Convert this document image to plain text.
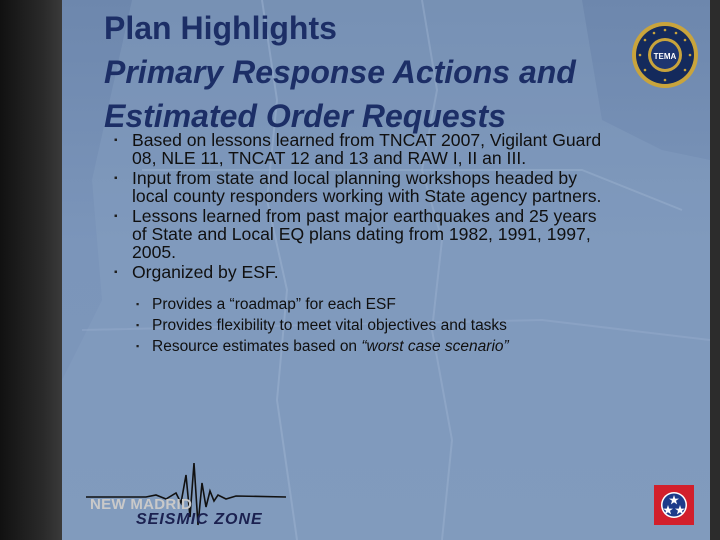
Plan Highlights
Primary Response Actions and
Estimated Order Requests
▪ Based on lessons learned from TNCAT 2007, Vigilant Guard 08, NLE 11, TNCAT 12 and 13 and RAW I, II an III.
▪ Input from state and local planning workshops headed by local county responders working with State agency partners.
▪ Lessons learned from past major earthquakes and 25 years of State and Local EQ plans dating from 1982, 1991, 1997, 2005.
▪ Organized by ESF.
▪ Provides a “roadmap” for each ESF
▪ Provides flexibility to meet vital objectives and tasks
▪ Resource estimates based on “worst case scenario”
TEMA
NEW MADRID
SEISMIC ZONE
